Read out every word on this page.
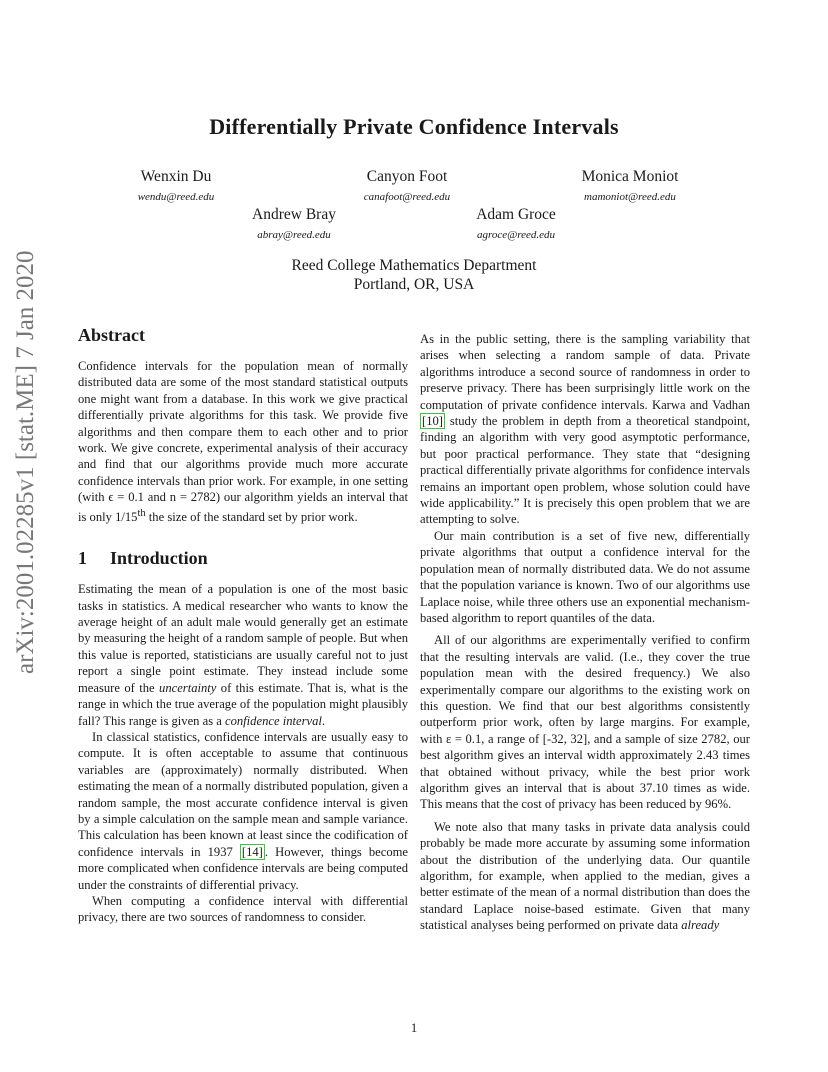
arXiv:2001.02285v1 [stat.ME] 7 Jan 2020
Differentially Private Confidence Intervals
Wenxin Du
wendu@reed.edu
Canyon Foot
canafoot@reed.edu
Monica Moniot
mamoniot@reed.edu
Andrew Bray
abray@reed.edu
Adam Groce
agroce@reed.edu
Reed College Mathematics Department
Portland, OR, USA
Abstract

Confidence intervals for the population mean of normally distributed data are some of the most standard statistical outputs one might want from a database. In this work we give practical differentially private algorithms for this task. We provide five algorithms and then compare them to each other and to prior work. We give concrete, experimental analysis of their accuracy and find that our algorithms provide much more accurate confidence intervals than prior work. For example, in one setting (with ϵ = 0.1 and n = 2782) our algorithm yields an interval that is only 1/15th the size of the standard set by prior work.

1 Introduction

Estimating the mean of a population is one of the most basic tasks in statistics. A medical researcher who wants to know the average height of an adult male would generally get an estimate by measuring the height of a random sample of people. But when this value is reported, statisticians are usually careful not to just report a single point estimate. They instead include some measure of the uncertainty of this estimate. That is, what is the range in which the true average of the population might plausibly fall? This range is given as a confidence interval.

In classical statistics, confidence intervals are usually easy to compute. It is often acceptable to assume that continuous variables are (approximately) normally distributed. When estimating the mean of a normally distributed population, given a random sample, the most accurate confidence interval is given by a simple calculation on the sample mean and sample variance. This calculation has been known at least since the codification of confidence intervals in 1937 [14] . However, things become more complicated when confidence intervals are being computed under the constraints of differential privacy.

When computing a confidence interval with differential privacy, there are two sources of randomness to consider.

As in the public setting, there is the sampling variability that arises when selecting a random sample of data. Private algorithms introduce a second source of randomness in order to preserve privacy. There has been surprisingly little work on the computation of private confidence intervals. Karwa and Vadhan [10] study the problem in depth from a theoretical standpoint, finding an algorithm with very good asymptotic performance, but poor practical performance. They state that “designing practical differentially private algorithms for confidence intervals remains an important open problem, whose solution could have wide applicability.” It is precisely this open problem that we are attempting to solve.

Our main contribution is a set of five new, differentially private algorithms that output a confidence interval for the population mean of normally distributed data. We do not assume that the population variance is known. Two of our algorithms use Laplace noise, while three others use an exponential mechanism-based algorithm to report quantiles of the data.

All of our algorithms are experimentally verified to confirm that the resulting intervals are valid. (I.e., they cover the true population mean with the desired frequency.) We also experimentally compare our algorithms to the existing work on this question. We find that our best algorithms consistently outperform prior work, often by large margins. For example, with ε = 0.1, a range of [-32, 32], and a sample of size 2782, our best algorithm gives an interval width approximately 2.43 times that obtained without privacy, while the best prior work algorithm gives an interval that is about 37.10 times as wide. This means that the cost of privacy has been reduced by 96%.

We note also that many tasks in private data analysis could probably be made more accurate by assuming some information about the distribution of the underlying data. Our quantile algorithm, for example, when applied to the median, gives a better estimate of the mean of a normal distribution than does the standard Laplace noise-based estimate. Given that many statistical analyses being performed on private data already

1
